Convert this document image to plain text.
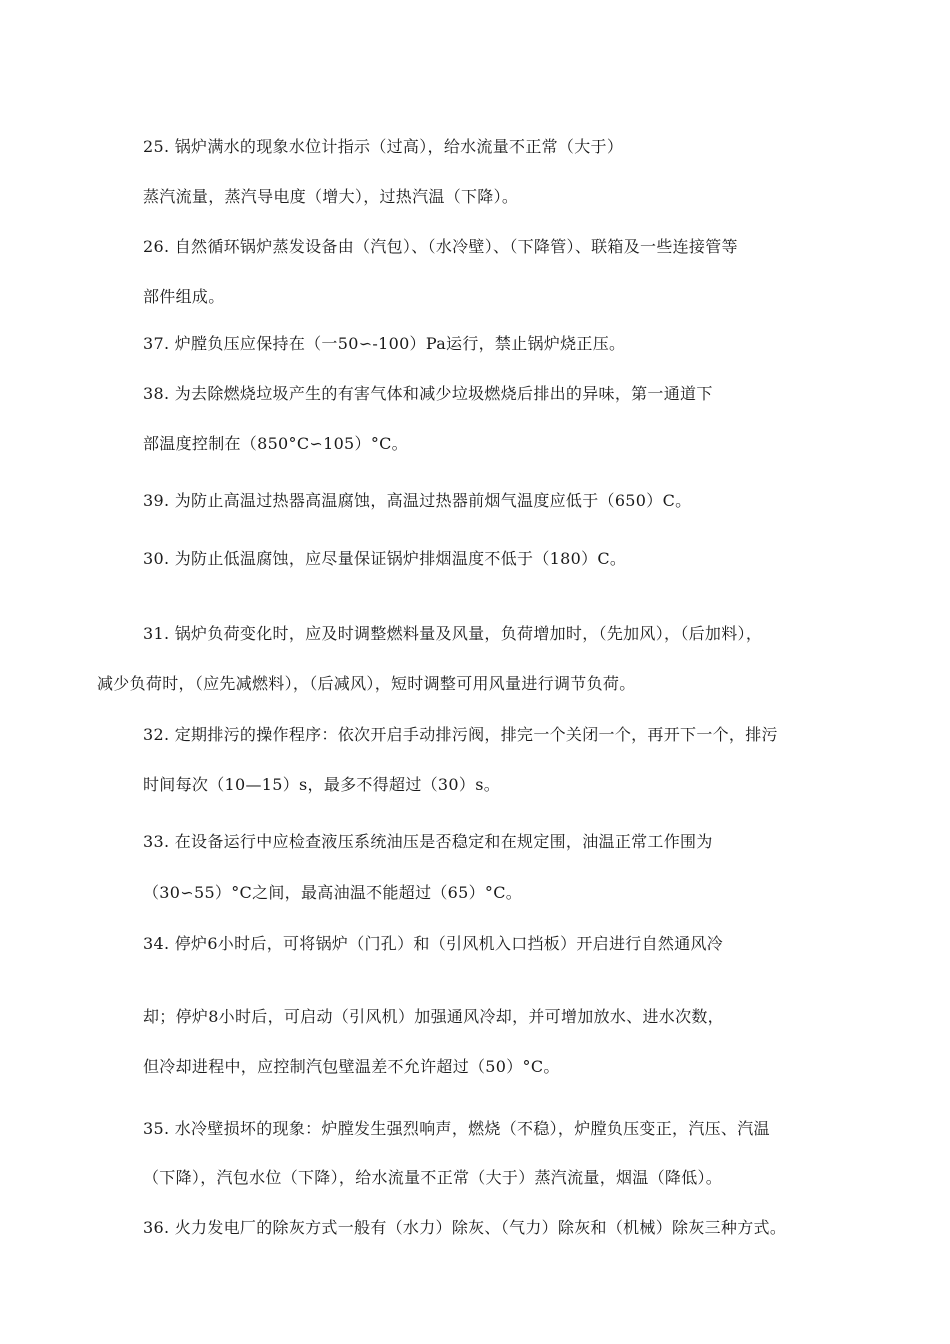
25. 锅炉满水的现象水位计指示（过高），给水流量不正常（大于）
蒸汽流量，蒸汽导电度（增大），过热汽温（下降）。
26. 自然循环锅炉蒸发设备由（汽包）、（水冷壁）、（下降管）、联箱及一些连接管等
部件组成。
37. 炉膛负压应保持在（一50∽-100）Pa运行，禁止锅炉烧正压。
38. 为去除燃烧垃圾产生的有害气体和减少垃圾燃烧后排出的异味，第一通道下
部温度控制在（850°C∽105）°C。
39. 为防止高温过热器高温腐蚀，高温过热器前烟气温度应低于（650）C。
30. 为防止低温腐蚀，应尽量保证锅炉排烟温度不低于（180）C。
31. 锅炉负荷变化时，应及时调整燃料量及风量，负荷增加时，（先加风），（后加料），
减少负荷时，（应先减燃料），（后减风），短时调整可用风量进行调节负荷。
32. 定期排污的操作程序：依次开启手动排污阀，排完一个关闭一个，再开下一个，排污
时间每次（10—15）s，最多不得超过（30）s。
33. 在设备运行中应检查液压系统油压是否稳定和在规定围，油温正常工作围为
（30∽55）°C之间，最高油温不能超过（65）°C。
34. 停炉6小时后，可将锅炉（门孔）和（引风机入口挡板）开启进行自然通风冷
却；停炉8小时后，可启动（引风机）加强通风冷却，并可增加放水、进水次数，
但冷却进程中，应控制汽包壁温差不允许超过（50）°C。
35. 水冷壁损坏的现象：炉膛发生强烈响声，燃烧（不稳），炉膛负压变正，汽压、汽温
（下降），汽包水位（下降），给水流量不正常（大于）蒸汽流量，烟温（降低）。
36. 火力发电厂的除灰方式一般有（水力）除灰、（气力）除灰和（机械）除灰三种方式。
